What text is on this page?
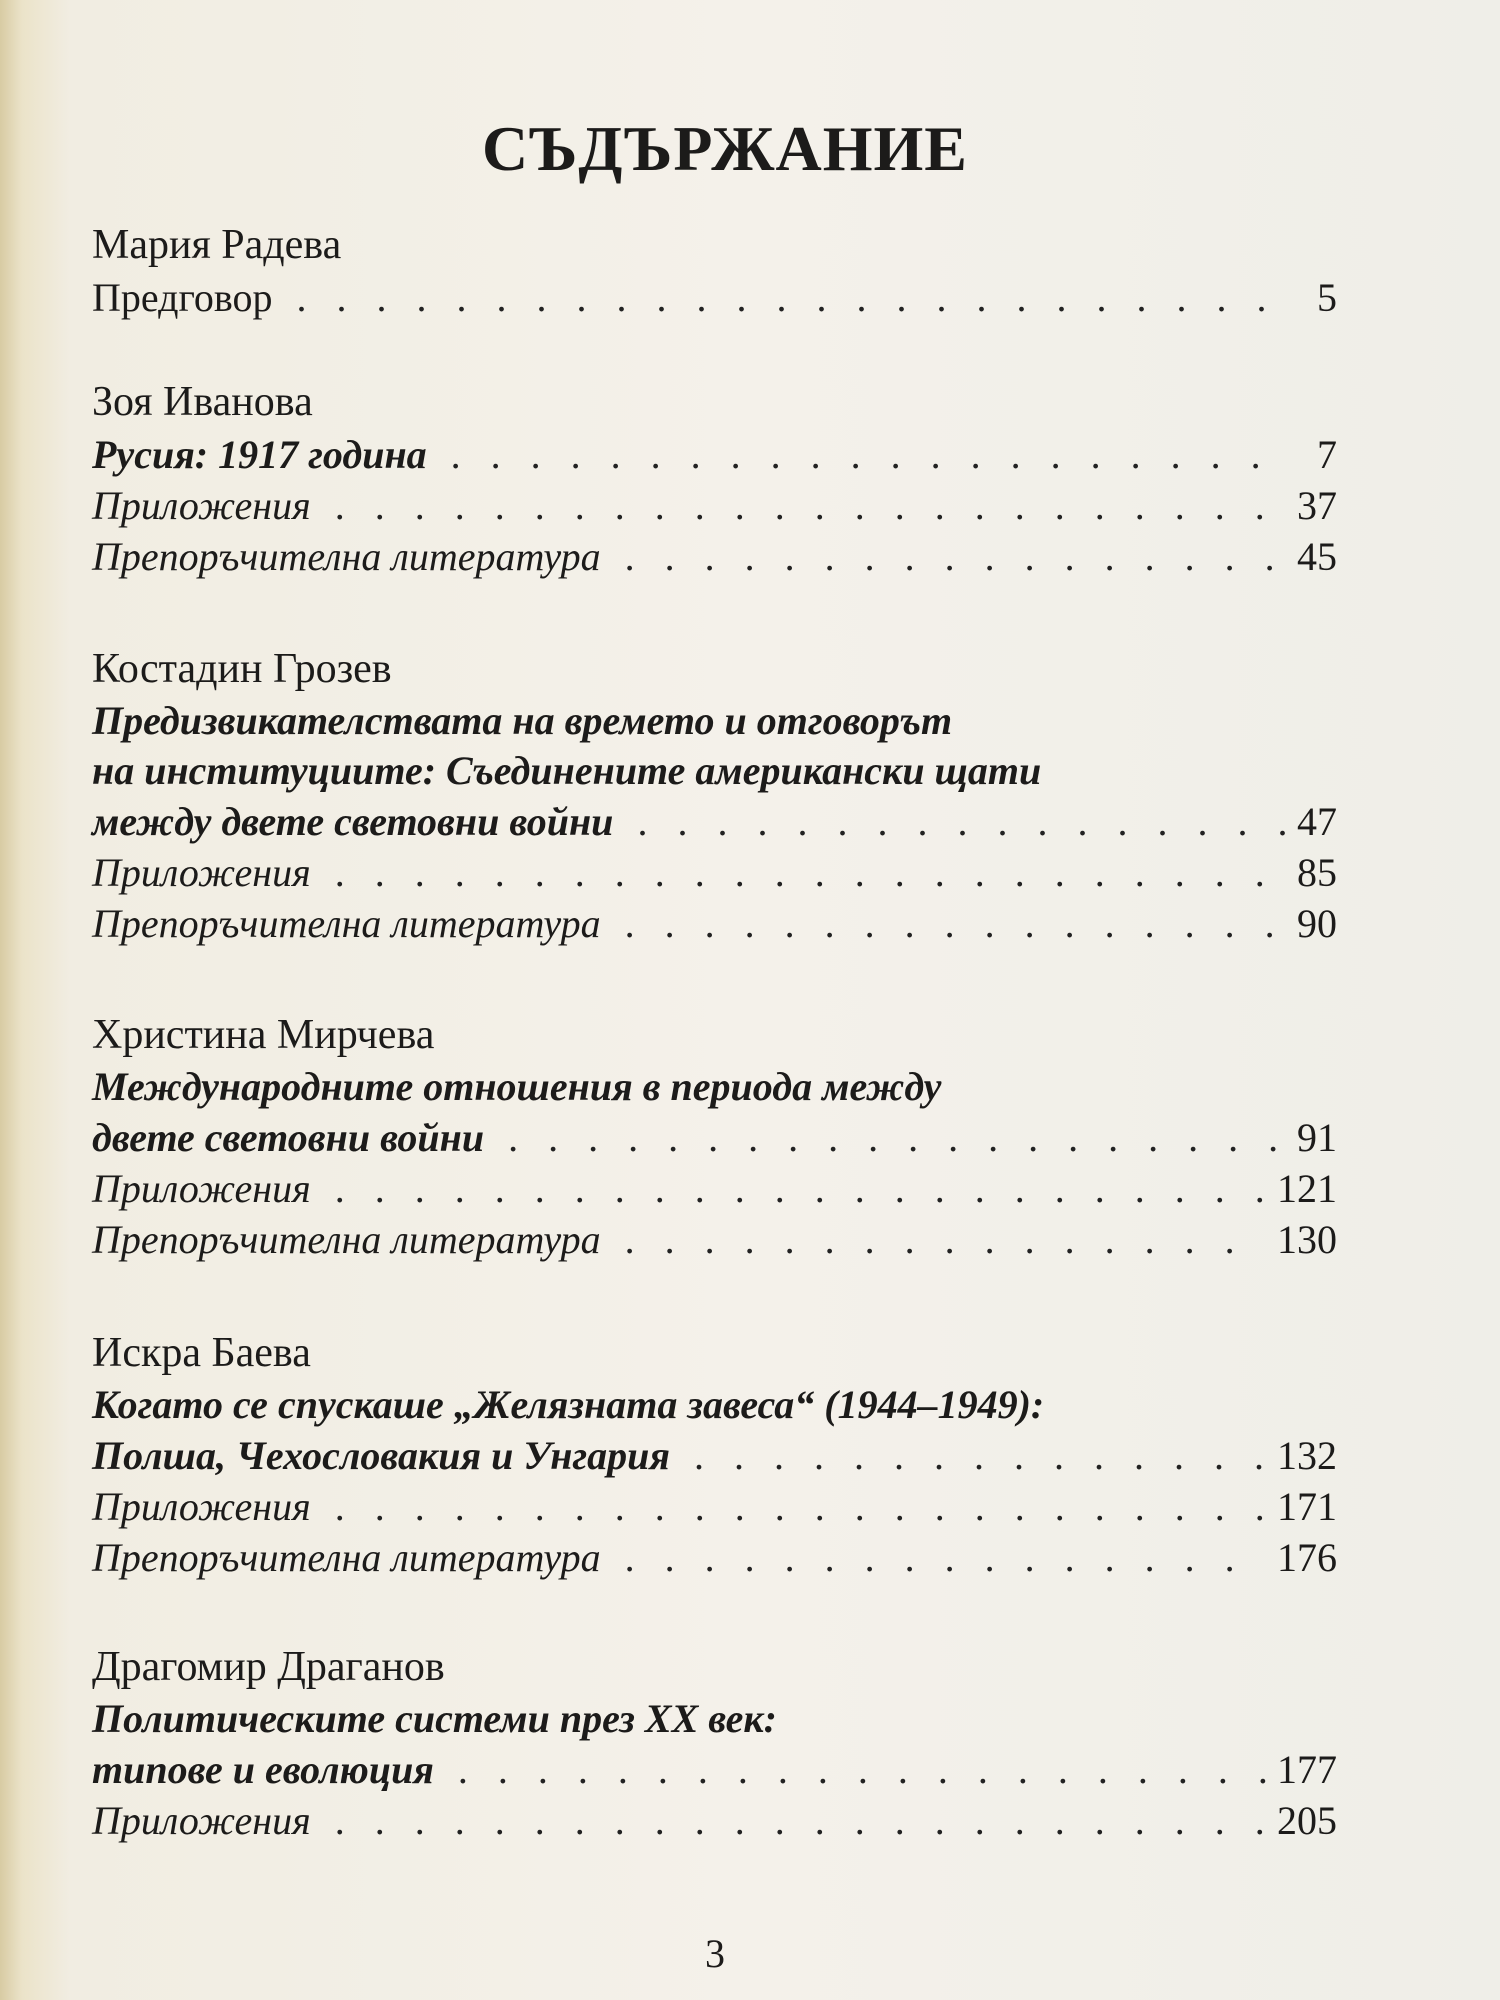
СЪДЪРЖАНИЕ
Мария Радева
Предговор . . .	5
Зоя Иванова
Русия: 1917 година . . .	7
Приложения . . .	37
Препоръчителна литература . . .	45
Костадин Грозев
Предизвикателствата на времето и отговорът
на институциите: Съединените американски щати
между двете световни войни . . .	47
Приложения . . .	85
Препоръчителна литература . . .	90
Христина Мирчева
Международните отношения в периода между
двете световни войни . . .	91
Приложения . . .	121
Препоръчителна литература . . .	130
Искра Баева
Когато се спускаше „Желязната завеса“ (1944–1949):
Полша, Чехословакия и Унгария . . .	132
Приложения . . .	171
Препоръчителна литература . . .	176
Драгомир Драганов
Политическите системи през XX век:
типове и еволюция . . .	177
Приложения . . .	205
3
